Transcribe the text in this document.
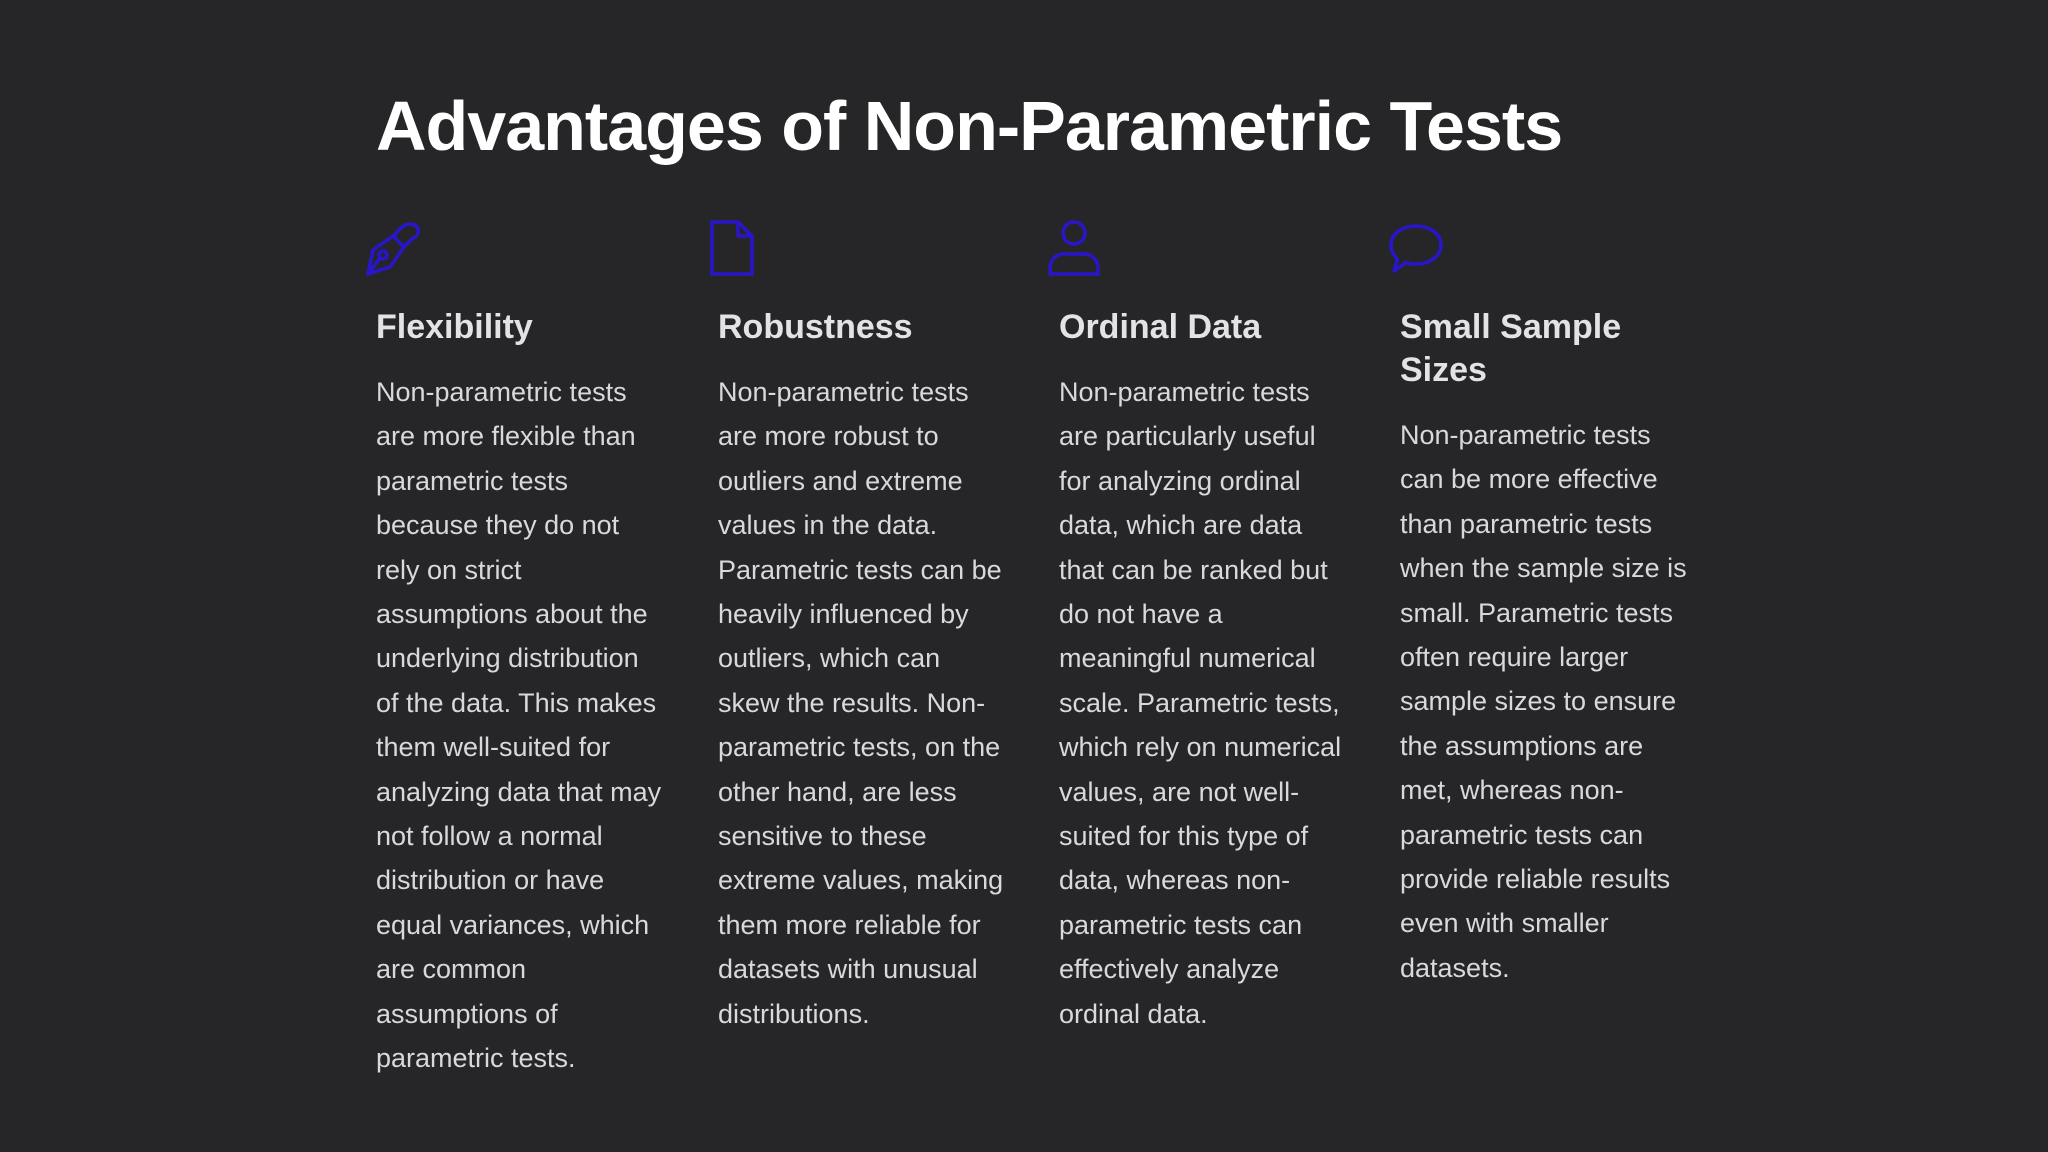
Advantages of Non-Parametric Tests
Flexibility

Non-parametric tests are more flexible than parametric tests because they do not rely on strict assumptions about the underlying distribution of the data. This makes them well-suited for analyzing data that may not follow a normal distribution or have equal variances, which are common assumptions of parametric tests.

Robustness

Non-parametric tests are more robust to outliers and extreme values in the data. Parametric tests can be heavily influenced by outliers, which can skew the results. Non-parametric tests, on the other hand, are less sensitive to these extreme values, making them more reliable for datasets with unusual distributions.

Ordinal Data

Non-parametric tests are particularly useful for analyzing ordinal data, which are data that can be ranked but do not have a meaningful numerical scale. Parametric tests, which rely on numerical values, are not well-suited for this type of data, whereas non-parametric tests can effectively analyze ordinal data.

Small Sample Sizes

Non-parametric tests can be more effective than parametric tests when the sample size is small. Parametric tests often require larger sample sizes to ensure the assumptions are met, whereas non-parametric tests can provide reliable results even with smaller datasets.
